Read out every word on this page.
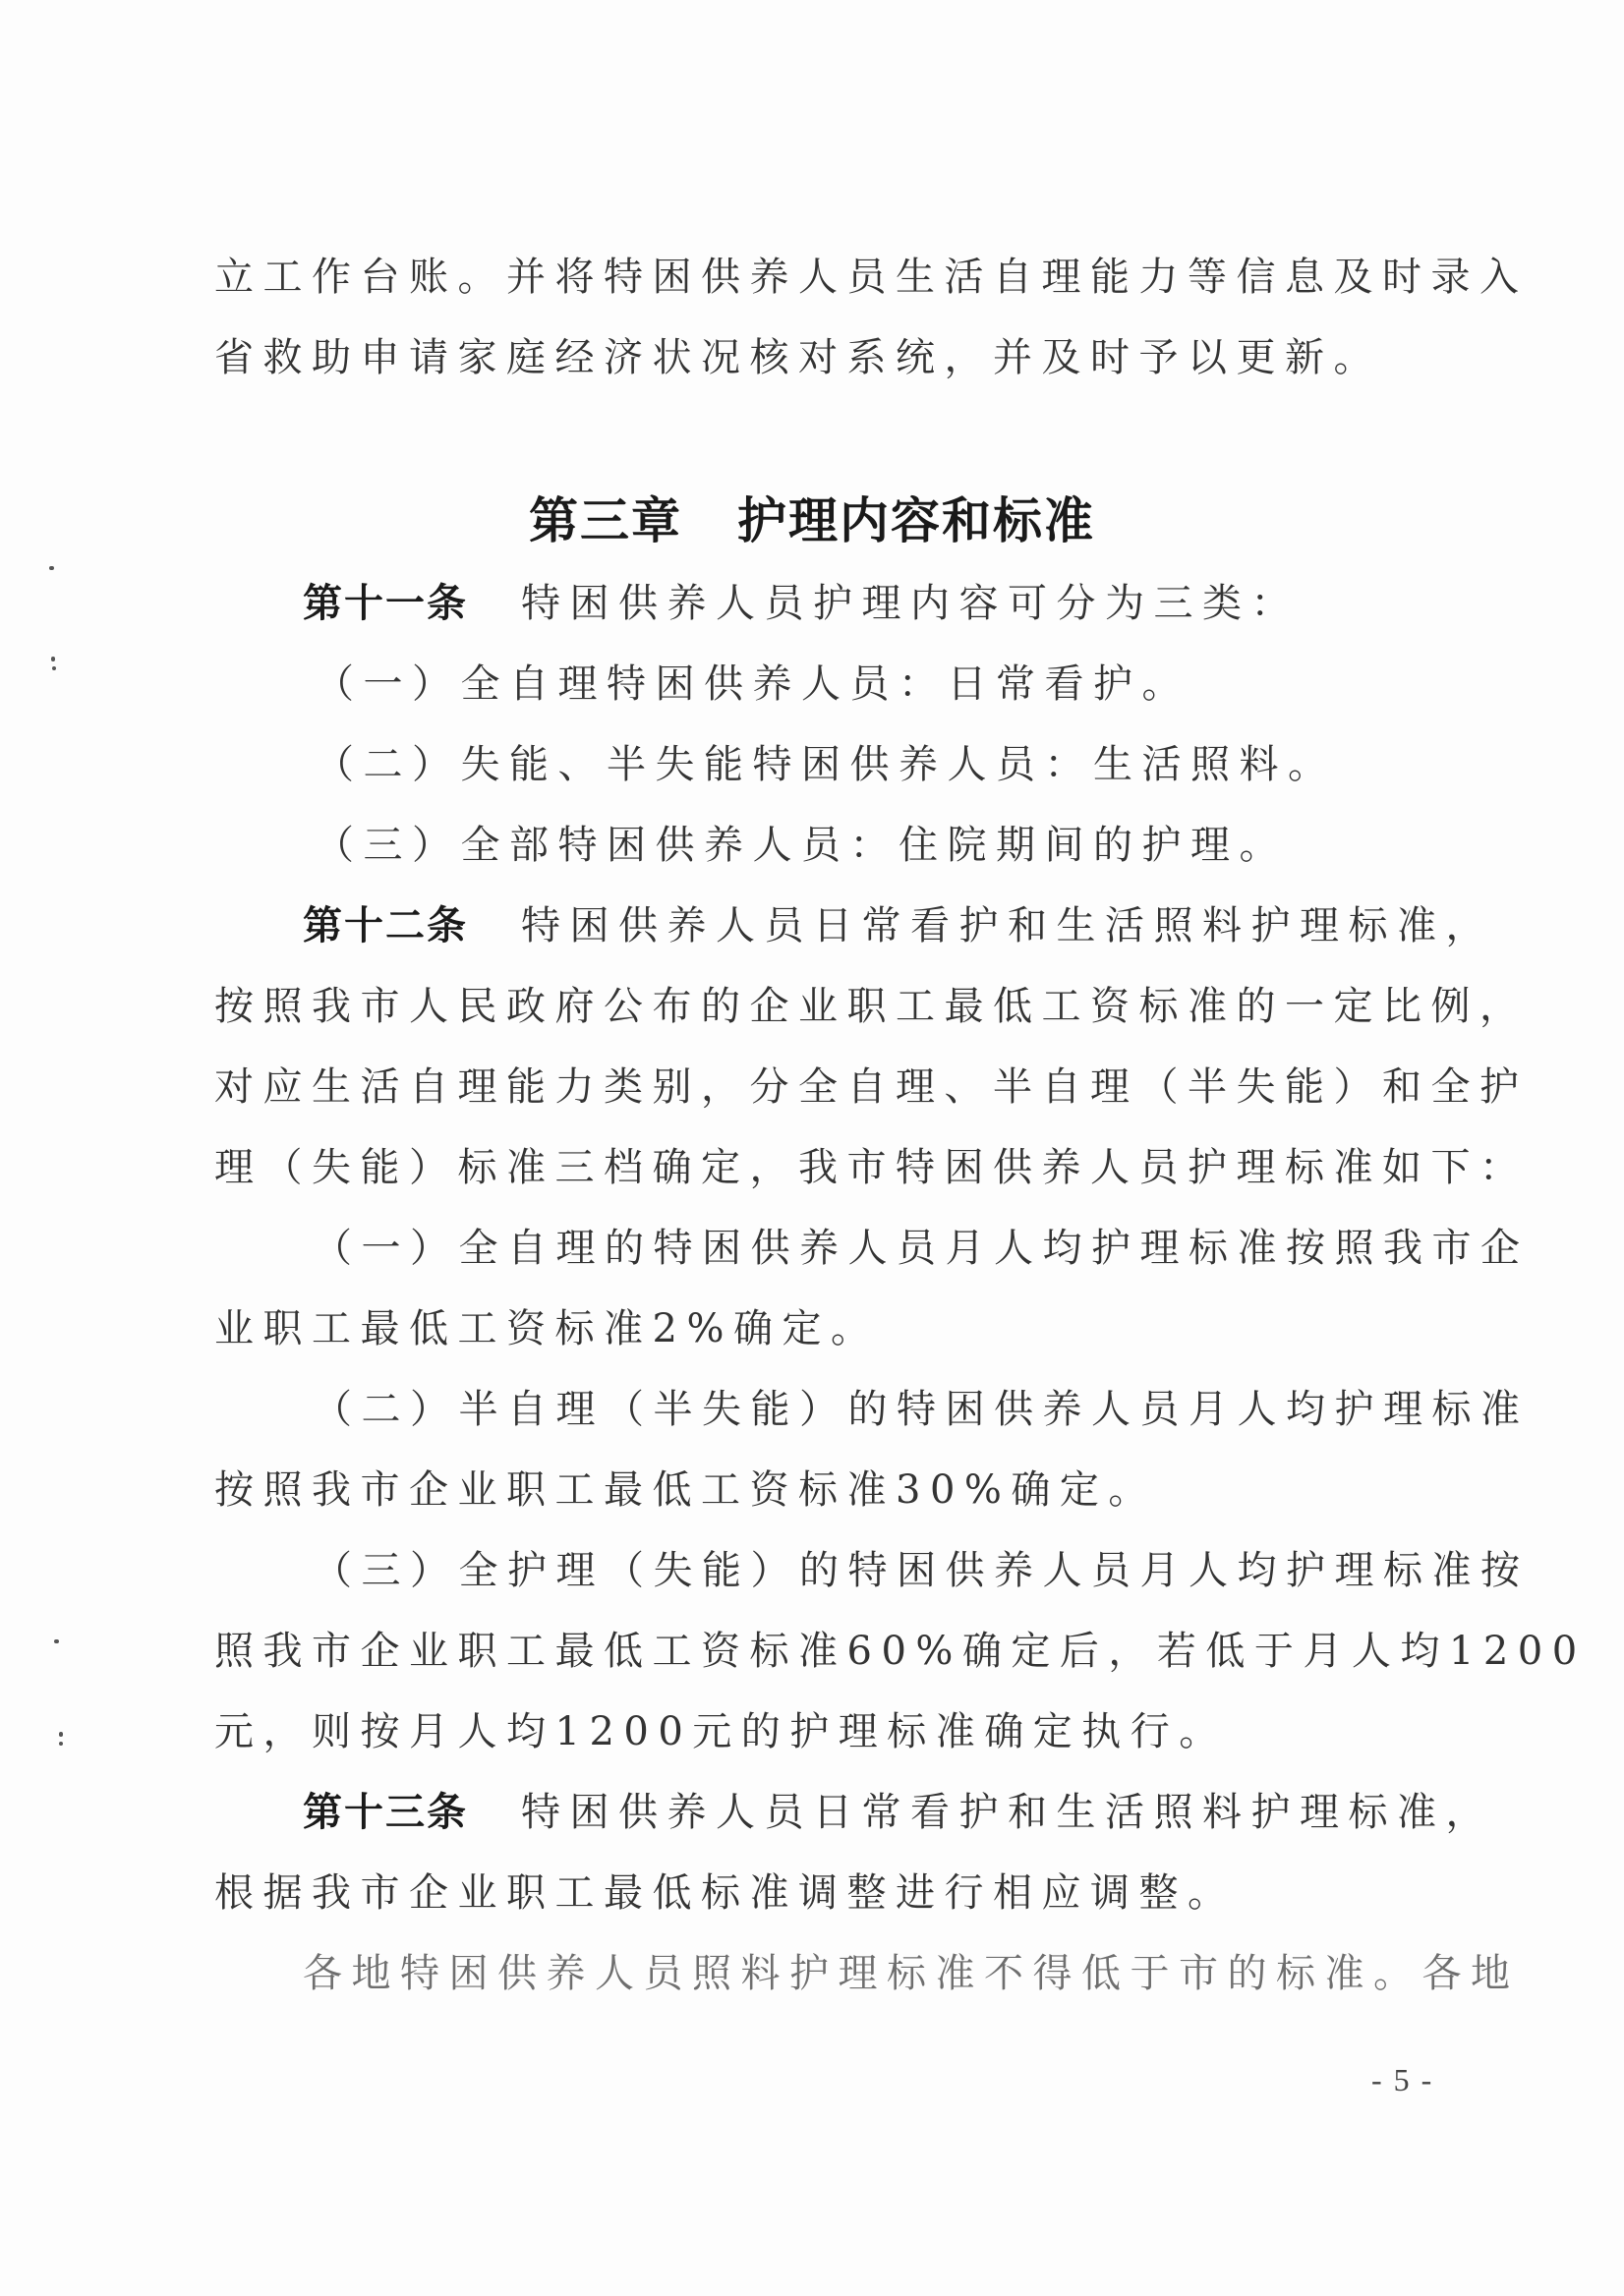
立工作台账。并将特困供养人员生活自理能力等信息及时录入
省救助申请家庭经济状况核对系统，并及时予以更新。
第三章 护理内容和标准
第十一条 特困供养人员护理内容可分为三类：
（一）全自理特困供养人员：日常看护。
（二）失能、半失能特困供养人员：生活照料。
（三）全部特困供养人员：住院期间的护理。
第十二条 特困供养人员日常看护和生活照料护理标准，
按照我市人民政府公布的企业职工最低工资标准的一定比例，
对应生活自理能力类别，分全自理、半自理（半失能）和全护
理（失能）标准三档确定，我市特困供养人员护理标准如下：
（一）全自理的特困供养人员月人均护理标准按照我市企
业职工最低工资标准2%确定。
（二）半自理（半失能）的特困供养人员月人均护理标准
按照我市企业职工最低工资标准30%确定。
（三）全护理（失能）的特困供养人员月人均护理标准按
照我市企业职工最低工资标准60%确定后，若低于月人均1200
元，则按月人均1200元的护理标准确定执行。
第十三条 特困供养人员日常看护和生活照料护理标准，
根据我市企业职工最低标准调整进行相应调整。
各地特困供养人员照料护理标准不得低于市的标准。各地
- 5 -
